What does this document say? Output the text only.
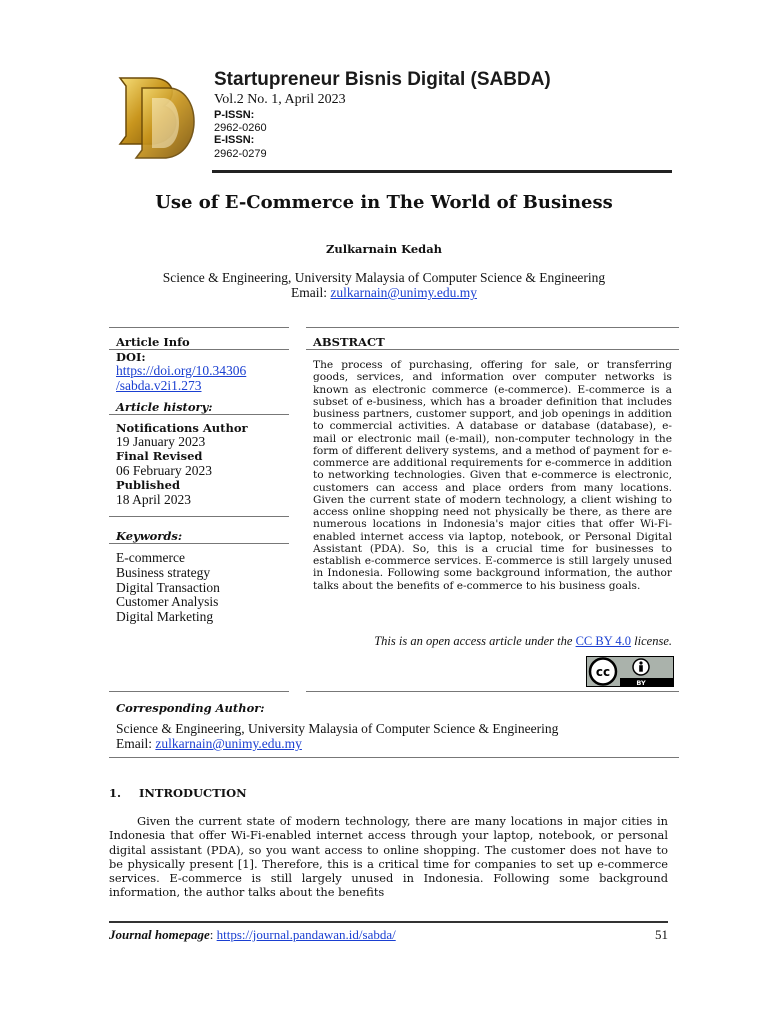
Startupreneur Bisnis Digital (SABDA)
Vol.2 No. 1, April 2023
P-ISSN:
2962-0260
E-ISSN:
2962-0279
Use of E-Commerce in The World of Business
Zulkarnain Kedah
Science & Engineering, University Malaysia of Computer Science & Engineering
Email: zulkarnain@unimy.edu.my
Article Info
DOI:
https://doi.org/10.34306
/sabda.v2i1.273
Article history:
Notifications Author
19 January 2023
Final Revised
06 February 2023
Published
18 April 2023
Keywords:
E-commerce
Business strategy
Digital Transaction
Customer Analysis
Digital Marketing
ABSTRACT
The process of purchasing, offering for sale, or transferring goods, services, and information over computer networks is known as electronic commerce (e-commerce). E-commerce is a subset of e-business, which has a broader definition that includes business partners, customer support, and job openings in addition to commercial activities. A database or database (database), e-mail or electronic mail (e-mail), non-computer technology in the form of different delivery systems, and a method of payment for e-commerce are additional requirements for e-commerce in addition to networking technologies. Given that e-commerce is electronic, customers can access and place orders from many locations. Given the current state of modern technology, a client wishing to access online shopping need not physically be there, as there are numerous locations in Indonesia's major cities that offer Wi-Fi-enabled internet access via laptop, notebook, or Personal Digital Assistant (PDA). So, this is a crucial time for businesses to establish e-commerce services. E-commerce is still largely unused in Indonesia. Following some background information, the author talks about the benefits of e-commerce to his business goals.
This is an open access article under the CC BY 4.0 license.
cc
BY
Corresponding Author:
Science & Engineering, University Malaysia of Computer Science & Engineering
Email: zulkarnain@unimy.edu.my
1. INTRODUCTION
Given the current state of modern technology, there are many locations in major cities in Indonesia that offer Wi-Fi-enabled internet access through your laptop, notebook, or personal digital assistant (PDA), so you want access to online shopping. The customer does not have to be physically present [1]. Therefore, this is a critical time for companies to set up e-commerce services. E-commerce is still largely unused in Indonesia. Following some background information, the author talks about the benefits
Journal homepage: https://journal.pandawan.id/sabda/	51
